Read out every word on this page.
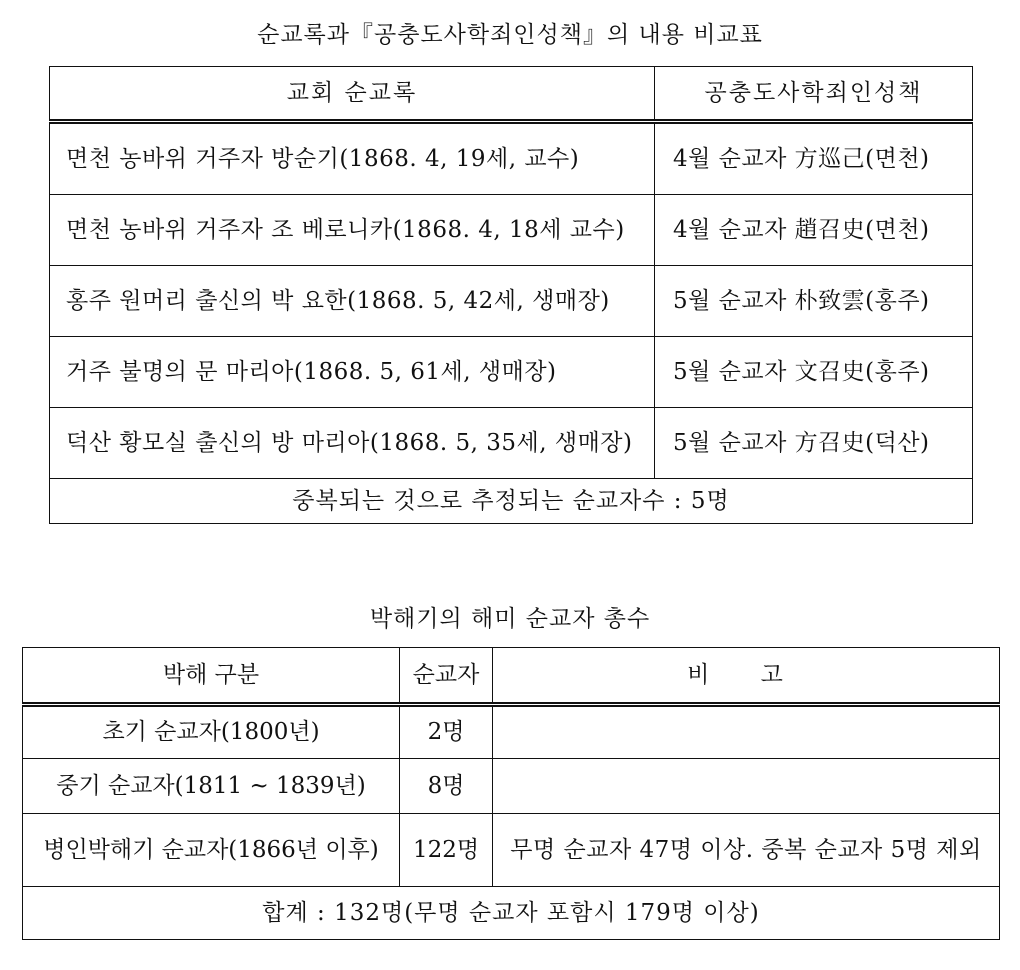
순교록과『공충도사학죄인성책』의 내용 비교표
교회 순교록	공충도사학죄인성책
면천 농바위 거주자 방순기(1868. 4, 19세, 교수)	4월 순교자 方巡己(면천)
면천 농바위 거주자 조 베로니카(1868. 4, 18세 교수)	4월 순교자 趙召史(면천)
홍주 원머리 출신의 박 요한(1868. 5, 42세, 생매장)	5월 순교자 朴致雲(홍주)
거주 불명의 문 마리아(1868. 5, 61세, 생매장)	5월 순교자 文召史(홍주)
덕산 황모실 출신의 방 마리아(1868. 5, 35세, 생매장)	5월 순교자 方召史(덕산)
중복되는 것으로 추정되는 순교자수 : 5명	
박해기의 해미 순교자 총수
박해 구분	순교자	비 고
초기 순교자(1800년)	2명	
중기 순교자(1811 ~ 1839년)	8명	
병인박해기 순교자(1866년 이후)	122명	무명 순교자 47명 이상. 중복 순교자 5명 제외
합계 : 132명(무명 순교자 포함시 179명 이상)		
